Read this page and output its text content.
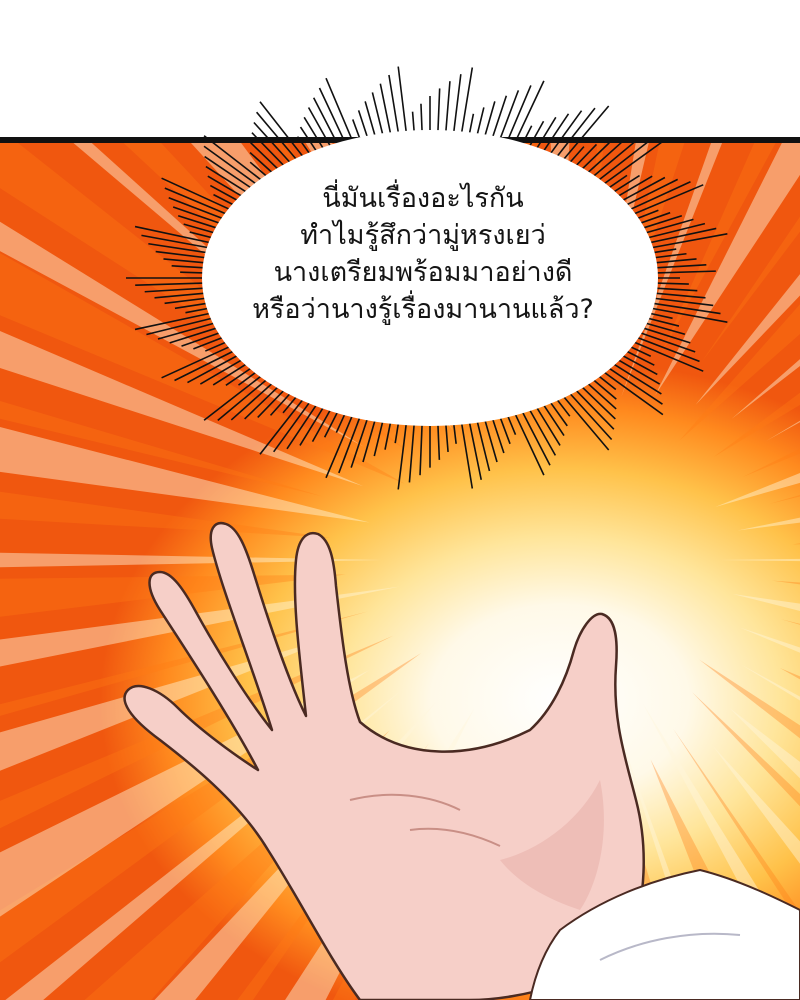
นี่มันเรื่องอะไรกัน
ทำไมรู้สึกว่ามู่หรงเยว่
นางเตรียมพร้อมมาอย่างดี
หรือว่านางรู้เรื่องมานานแล้ว?
